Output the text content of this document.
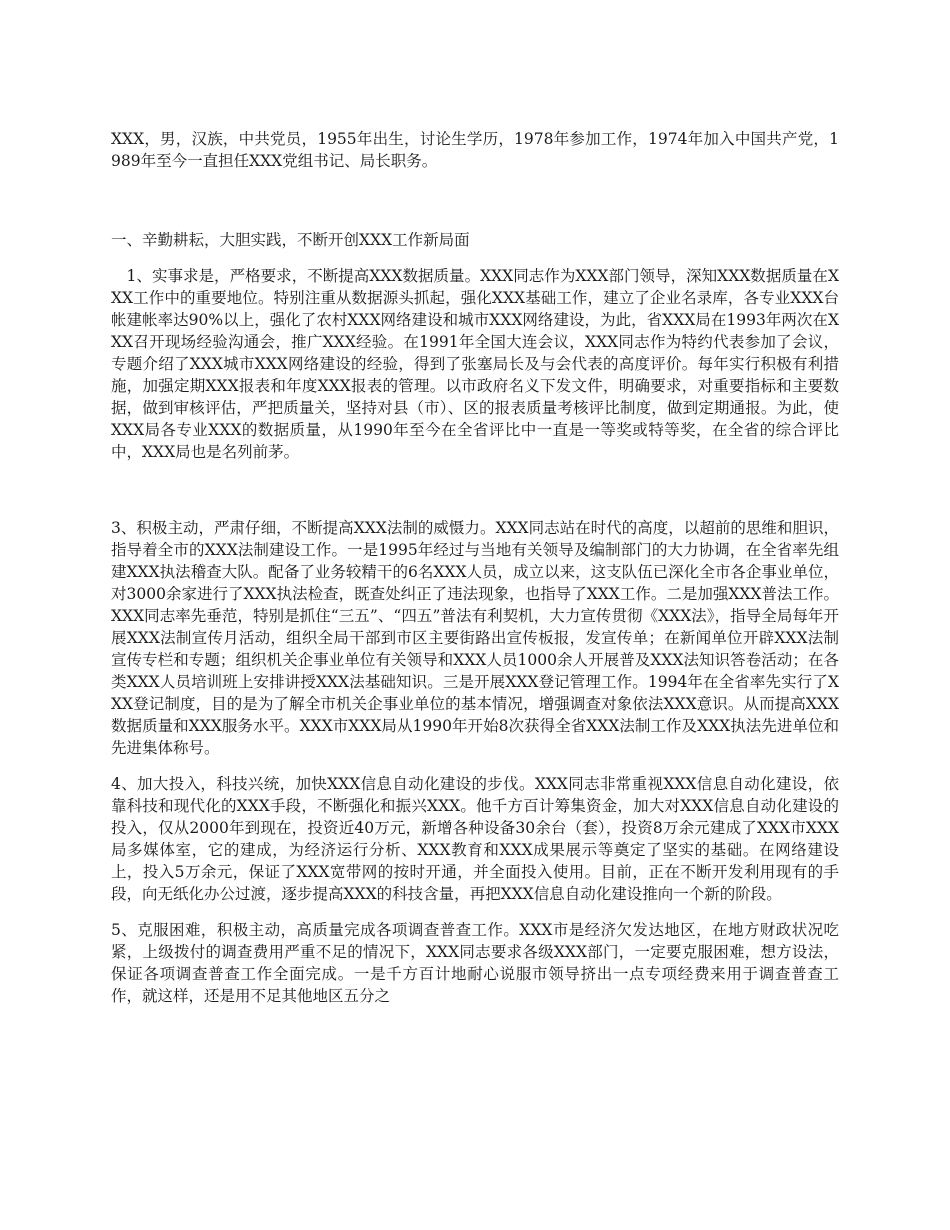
XXX，男，汉族，中共党员，1955年出生，讨论生学历，1978年参加工作，1974年加入中国共产党，1989年至今一直担任XXX党组书记、局长职务。

一、辛勤耕耘，大胆实践，不断开创XXX工作新局面

　1、实事求是，严格要求，不断提高XXX数据质量。XXX同志作为XXX部门领导，深知XXX数据质量在XXX工作中的重要地位。特别注重从数据源头抓起，强化XXX基础工作，建立了企业名录库，各专业XXX台帐建帐率达90%以上，强化了农村XXX网络建设和城市XXX网络建设，为此，省XXX局在1993年两次在XXX召开现场经验沟通会，推广XXX经验。在1991年全国大连会议，XXX同志作为特约代表参加了会议，专题介绍了XXX城市XXX网络建设的经验，得到了张塞局长及与会代表的高度评价。每年实行积极有利措施，加强定期XXX报表和年度XXX报表的管理。以市政府名义下发文件，明确要求，对重要指标和主要数据，做到审核评估，严把质量关，坚持对县（市）、区的报表质量考核评比制度，做到定期通报。为此，使XXX局各专业XXX的数据质量，从1990年至今在全省评比中一直是一等奖或特等奖，在全省的综合评比中，XXX局也是名列前茅。

3、积极主动，严肃仔细，不断提高XXX法制的威慑力。XXX同志站在时代的高度，以超前的思维和胆识，指导着全市的XXX法制建设工作。一是1995年经过与当地有关领导及编制部门的大力协调，在全省率先组建XXX执法稽查大队。配备了业务较精干的6名XXX人员，成立以来，这支队伍已深化全市各企事业单位，对3000余家进行了XXX执法检查，既查处纠正了违法现象，也指导了XXX工作。二是加强XXX普法工作。XXX同志率先垂范，特别是抓住“三五”、“四五”普法有利契机，大力宣传贯彻《XXX法》，指导全局每年开展XXX法制宣传月活动，组织全局干部到市区主要街路出宣传板报，发宣传单；在新闻单位开辟XXX法制宣传专栏和专题；组织机关企事业单位有关领导和XXX人员1000余人开展普及XXX法知识答卷活动；在各类XXX人员培训班上安排讲授XXX法基础知识。三是开展XXX登记管理工作。1994年在全省率先实行了XXX登记制度，目的是为了解全市机关企事业单位的基本情况，增强调查对象依法XXX意识。从而提高XXX数据质量和XXX服务水平。XXX市XXX局从1990年开始8次获得全省XXX法制工作及XXX执法先进单位和先进集体称号。

4、加大投入，科技兴统，加快XXX信息自动化建设的步伐。XXX同志非常重视XXX信息自动化建设，依靠科技和现代化的XXX手段，不断强化和振兴XXX。他千方百计筹集资金，加大对XXX信息自动化建设的投入，仅从2000年到现在，投资近40万元，新增各种设备30余台（套），投资8万余元建成了XXX市XXX局多媒体室，它的建成，为经济运行分析、XXX教育和XXX成果展示等奠定了坚实的基础。在网络建设上，投入5万余元，保证了XXX宽带网的按时开通，并全面投入使用。目前，正在不断开发利用现有的手段，向无纸化办公过渡，逐步提高XXX的科技含量，再把XXX信息自动化建设推向一个新的阶段。

5、克服困难，积极主动，高质量完成各项调查普查工作。XXX市是经济欠发达地区，在地方财政状况吃紧，上级拨付的调查费用严重不足的情况下，XXX同志要求各级XXX部门，一定要克服困难，想方设法，保证各项调查普查工作全面完成。一是千方百计地耐心说服市领导挤出一点专项经费来用于调查普查工作，就这样，还是用不足其他地区五分之
